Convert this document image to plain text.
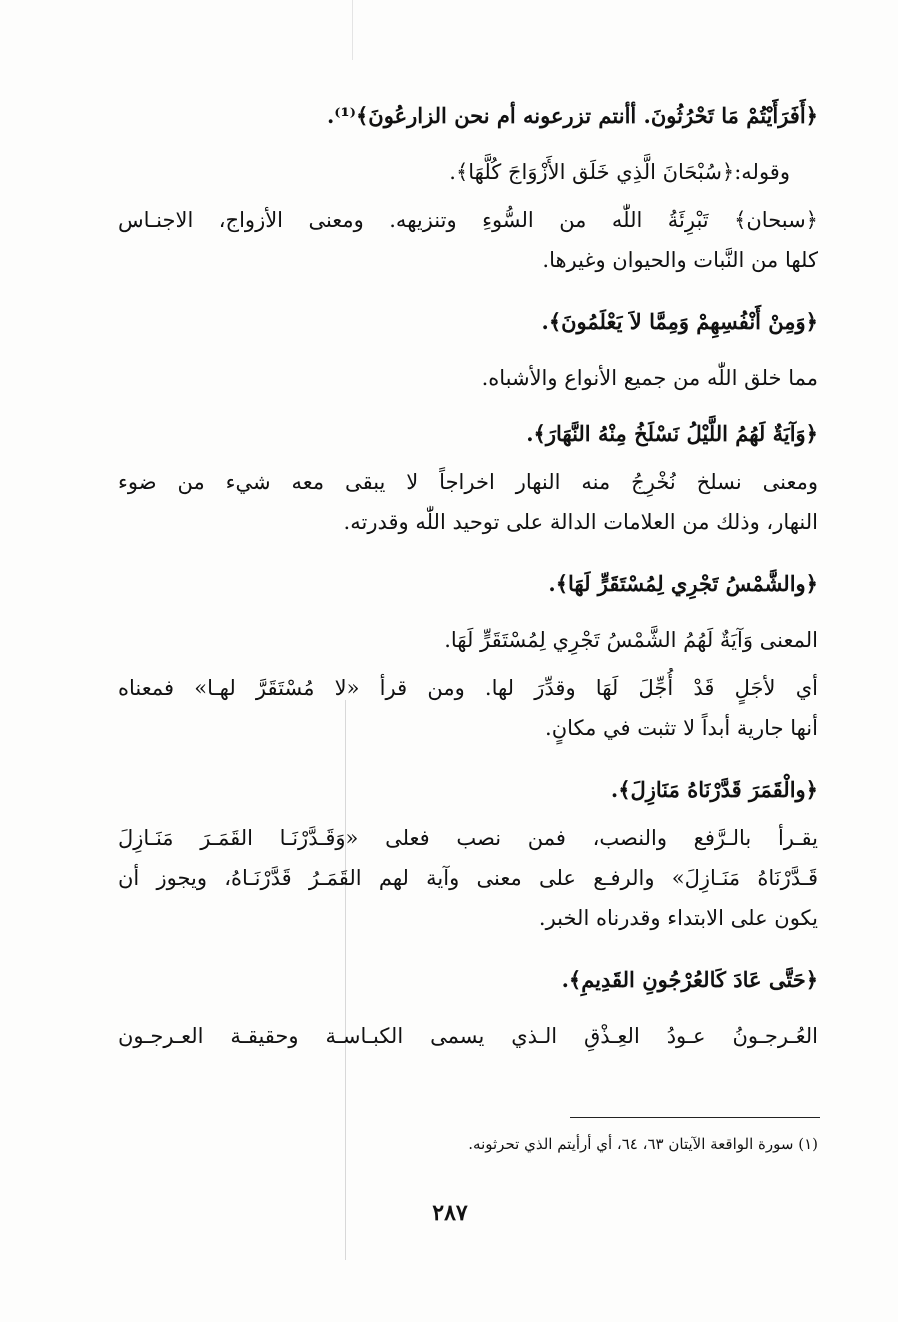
﴿أَفَرَأَيْتُمْ مَا تَحْرُثُونَ. أأنتم تزرعونه أم نحن الزارعُونَ﴾⁽¹⁾.
وقوله:﴿سُبْحَانَ الَّذِي خَلَق الأَزْوَاجَ كُلَّهَا﴾.
﴿سبحان﴾ تَبْرِئَةُ اللّٰه من السُّوءِ وتنزيهه. ومعنى الأزواج، الاجنـاس
كلها من النَّبات والحيوان وغيرها.
﴿وَمِنْ أَنْفُسِهِمْ وَمِمَّا لاَ يَعْلَمُونَ﴾.
مما خلق اللّٰه من جميع الأنواع والأشباه.
﴿وَآيَةٌ لَهُمُ اللَّيْلُ نَسْلَخُ مِنْهُ النَّهَارَ﴾.
ومعنى نسلخ نُخْرِجُ منه النهار اخراجاً لا يبقى معه شيء من ضوء
النهار، وذلك من العلامات الدالة على توحيد اللّٰه وقدرته.
﴿والشَّمْسُ تَجْرِي لِمُسْتَقَرٍّ لَهَا﴾.
المعنى وَآيَةٌ لَهُمُ الشَّمْسُ تَجْرِي لِمُسْتَقَرٍّ لَهَا.
أي لأجَلٍ قَدْ أُجِّلَ لَهَا وقدِّرَ لها. ومن قرأ «لا مُسْتَقَرَّ لهـا» فمعناه
أنها جارية أبداً لا تثبت في مكانٍ.
﴿والْقَمَرَ قَدَّرْنَاهُ مَنَازِلَ﴾.
يقـرأ بالـرَّفع والنصب، فمن نصب فعلى «وَقَـدَّرْنَـا القَمَـرَ مَنَـازِلَ
قَـدَّرْنَاهُ مَنَـازِلَ» والرفـع على معنى وآية لهم القَمَـرُ قَدَّرْنَـاهُ، ويجوز أن
يكون على الابتداء وقدرناه الخبر.
﴿حَتَّى عَادَ كَالعُرْجُونِ القَدِيمِ﴾.
العُـرجـونُ عـودُ العِـذْقِ الـذي يسمى الكبـاسـة وحقيقـة العـرجـون
(١) سورة الواقعة الآيتان ٦٣، ٦٤، أي أرأيتم الذي تحرثونه.
٢٨٧
